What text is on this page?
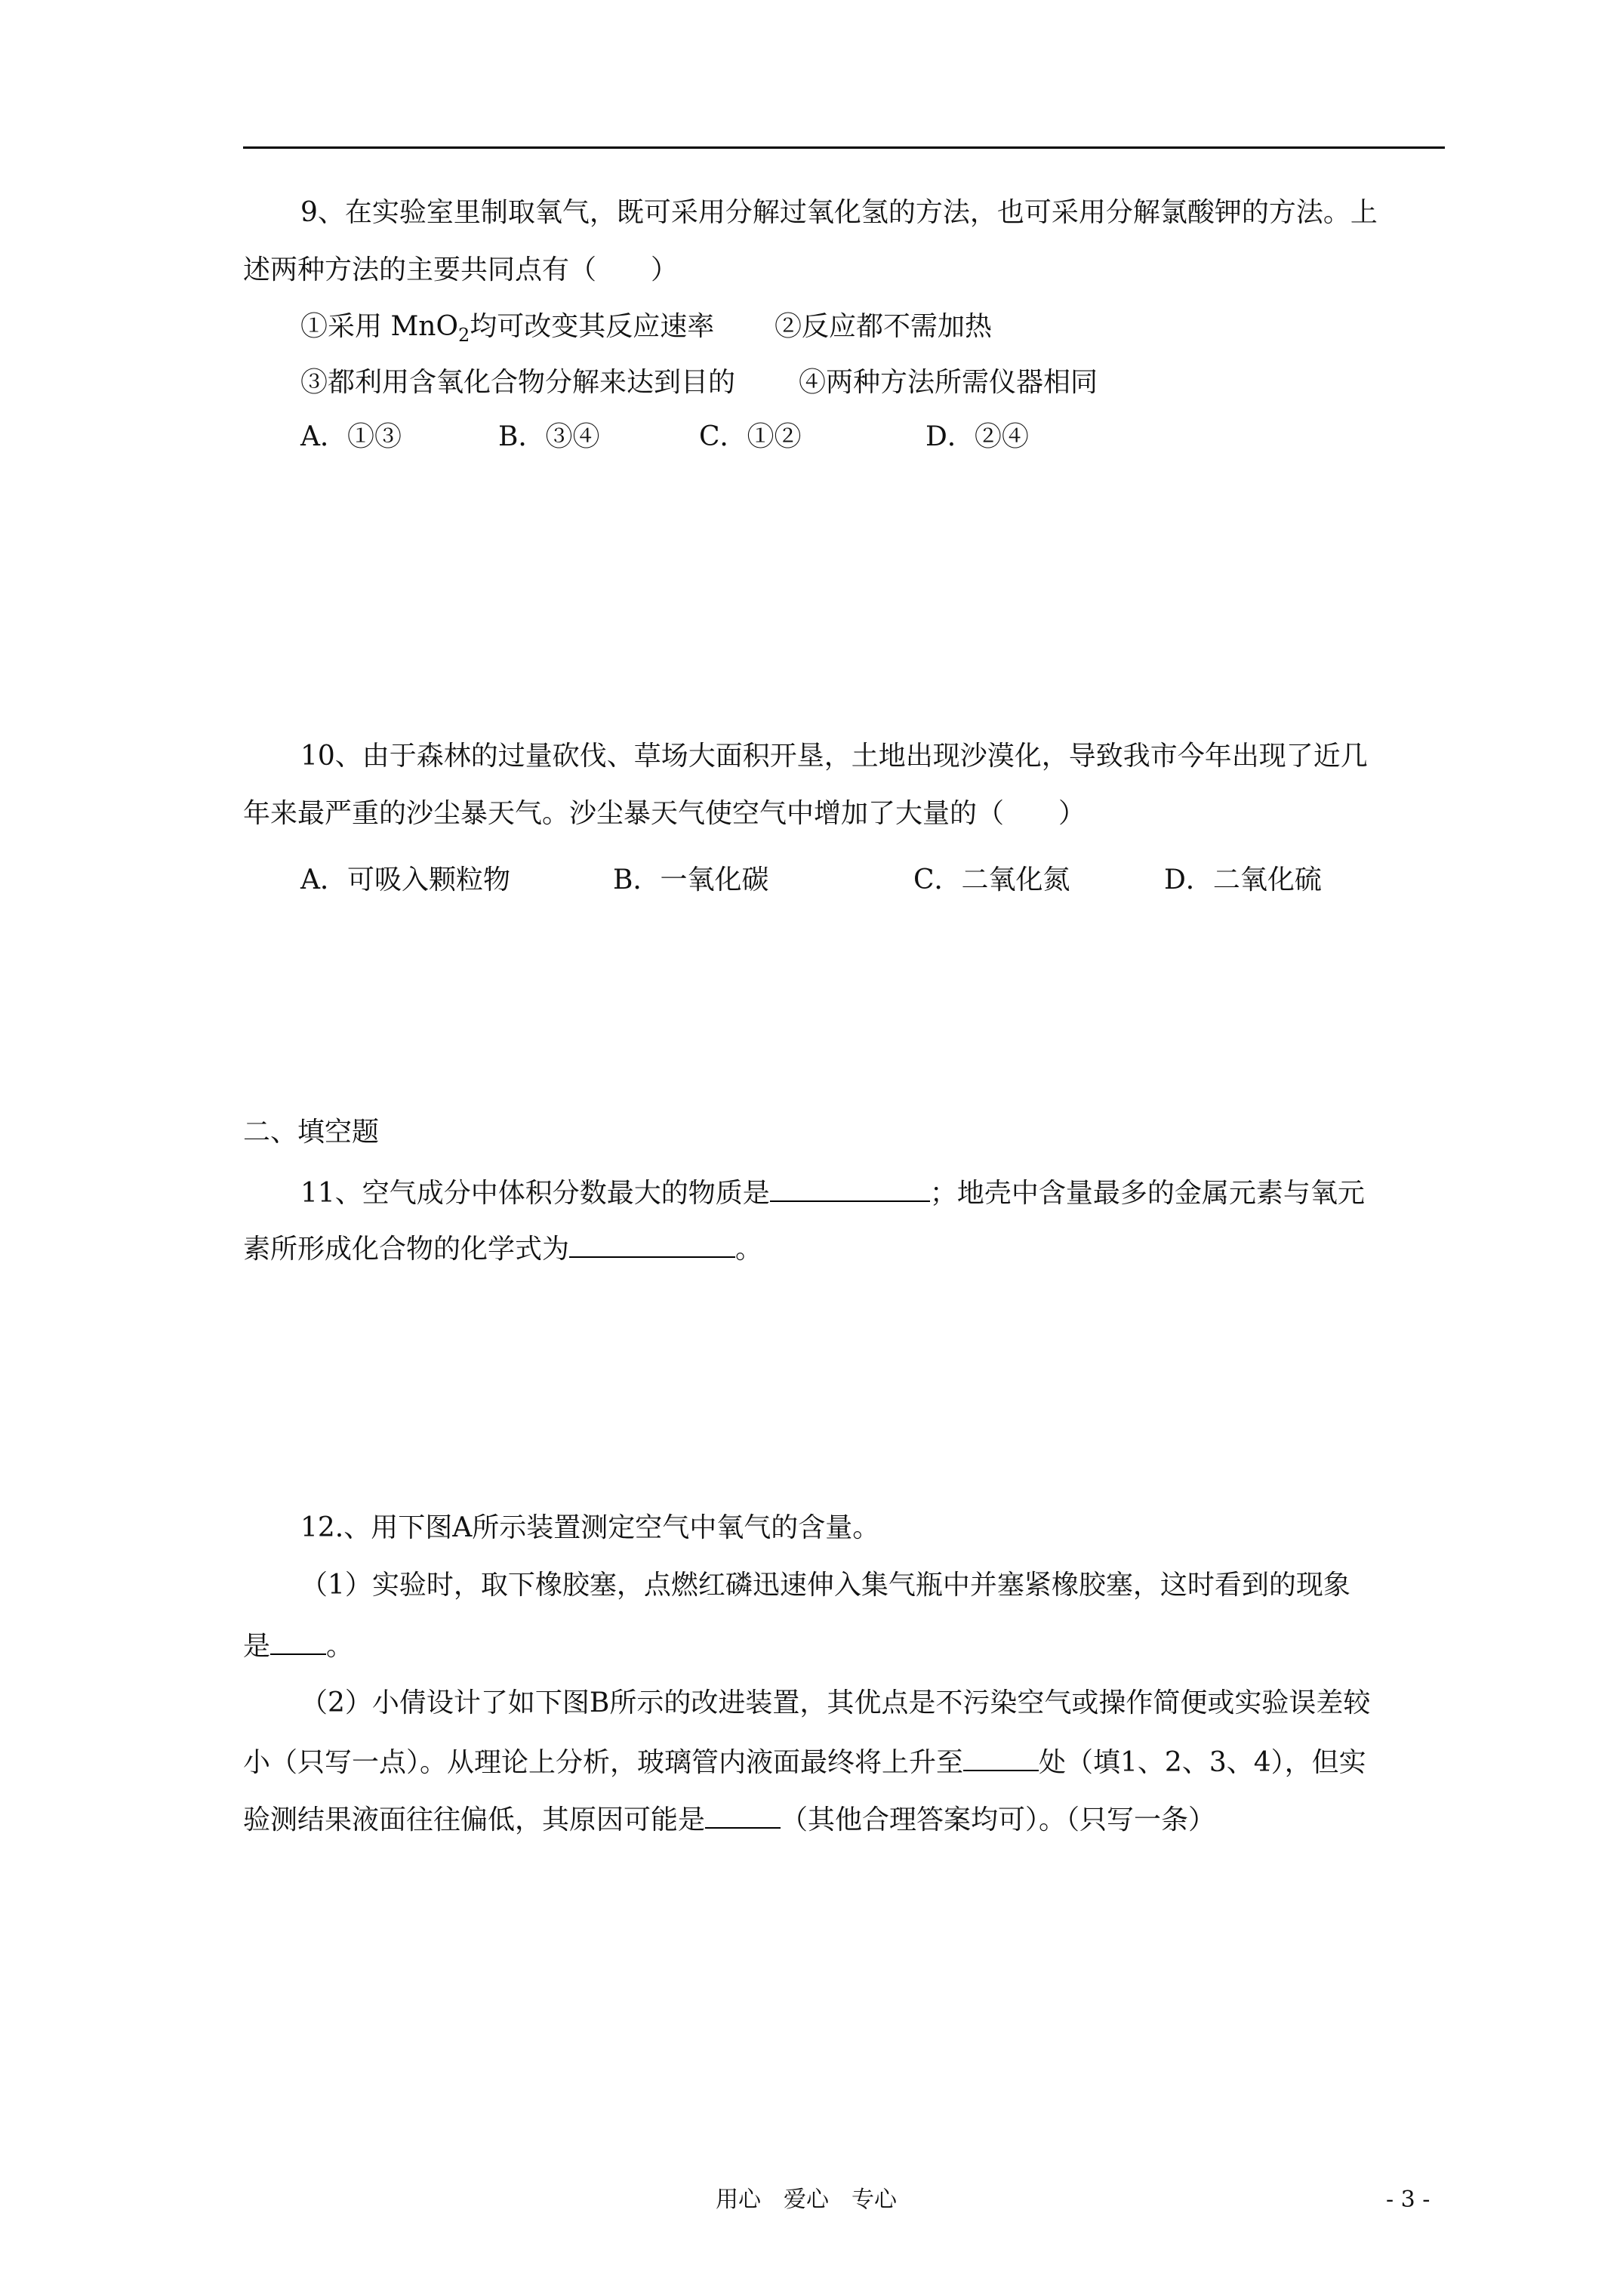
9、在实验室里制取氧气，既可采用分解过氧化氢的方法，也可采用分解氯酸钾的方法。上
述两种方法的主要共同点有（　　）
①采用 MnO$_2$均可改变其反应速率 ②反应都不需加热
③都利用含氧化合物分解来达到目的 ④两种方法所需仪器相同
A．①③	B．③④	C．①②	D．②④
10、由于森林的过量砍伐、草场大面积开垦，土地出现沙漠化，导致我市今年出现了近几
年来最严重的沙尘暴天气。沙尘暴天气使空气中增加了大量的（　　）
A．可吸入颗粒物	B．一氧化碳	C．二氧化氮	D．二氧化硫
二、填空题
11、空气成分中体积分数最大的物质是	；地壳中含量最多的金属元素与氧元
素所形成化合物的化学式为	。
12.、用下图A所示装置测定空气中氧气的含量。
（1）实验时，取下橡胶塞，点燃红磷迅速伸入集气瓶中并塞紧橡胶塞，这时看到的现象
是 。
（2）小倩设计了如下图B所示的改进装置，其优点是不污染空气或操作简便或实验误差较
小（只写一点）。从理论上分析，玻璃管内液面最终将上升至	处（填1、2、3、4），但实
验测结果液面往往偏低，其原因可能是	（其他合理答案均可）。（只写一条）
用心　爱心　专心	- 3 -
